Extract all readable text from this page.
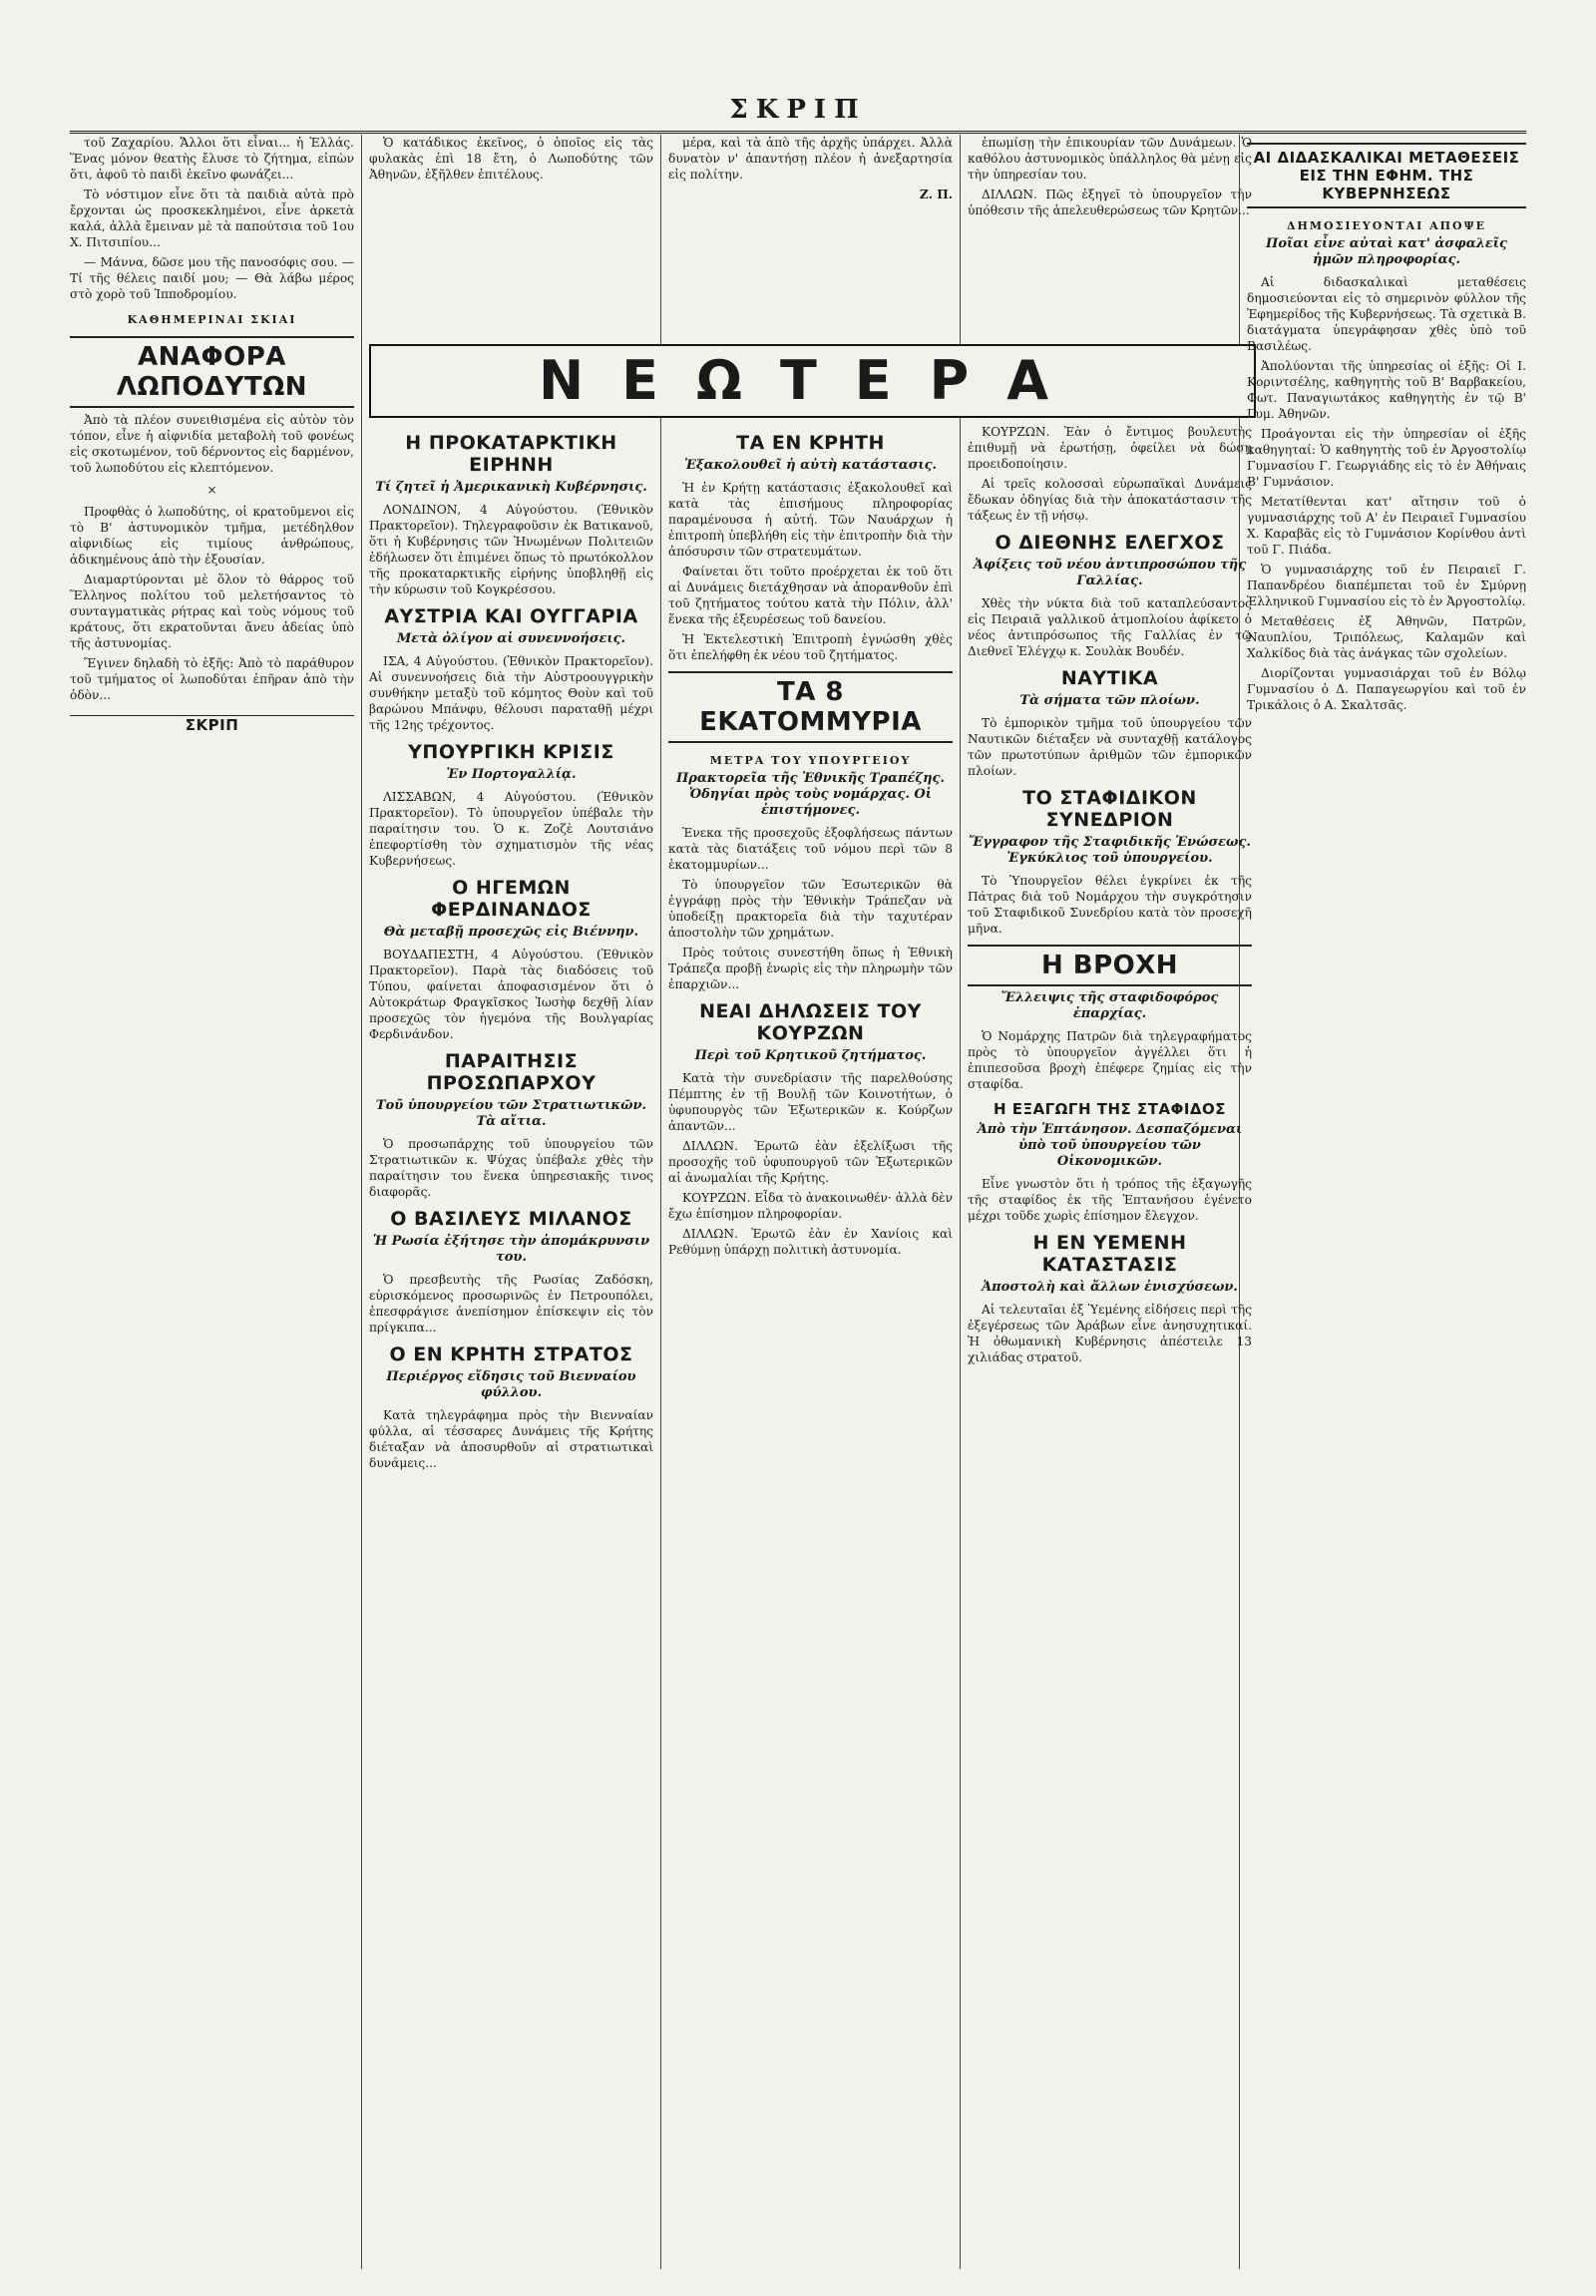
ΣΚΡΙΠ

τοῦ Ζαχαρίου. Ἄλλοι ὅτι εἶναι... ἡ Ἑλλάς. Ἕνας μόνον θεατὴς ἔλυσε τὸ ζήτημα, εἰπὼν ὅτι, ἀφοῦ τὸ παιδὶ ἐκεῖνο φωνάζει...

Τὸ νόστιμον εἶνε ὅτι τὰ παιδιὰ αὐτὰ πρὸ ἔρχονται ὡς προσκεκλημένοι, εἶνε ἀρκετὰ καλά, ἀλλὰ ἔμειναν μὲ τὰ παπούτσια τοῦ 1ου Χ. Πιτσιπίου...

— Μάννα, δῶσε μου τῆς πανοσόφις σου. — Τί τῆς θέλεις παιδί μου; — Θὰ λάβω μέρος στὸ χορὸ τοῦ Ἱπποδρομίου.

ΚΑΘΗΜΕΡΙΝΑΙ ΣΚΙΑΙ
ΑΝΑΦΟΡΑ ΛΩΠΟΔΥΤΩΝ

Ἀπὸ τὰ πλέον συνειθισμένα εἰς αὐτὸν τὸν τόπον, εἶνε ἡ αἰφνιδία μεταβολὴ τοῦ φονέως εἰς σκοτωμένον, τοῦ δέρνοντος εἰς δαρμένον, τοῦ λωποδύτου εἰς κλεπτόμενον.

×

Προφθὰς ὁ λωποδύτης, οἱ κρατοῦμενοι εἰς τὸ Β' ἀστυνομικὸν τμῆμα, μετέδηλθον αἰφνιδίως εἰς τιμίους ἀνθρώπους, ἀδικημένους ἀπὸ τὴν ἐξουσίαν.

Διαμαρτύρονται μὲ ὅλον τὸ θάρρος τοῦ Ἕλληνος πολίτου τοῦ μελετήσαντος τὸ συνταγματικὰς ρήτρας καὶ τοὺς νόμους τοῦ κράτους, ὅτι εκρατοῦνται ἄνευ ἀδείας ὑπὸ τῆς ἀστυνομίας.

Ἔγινεν δηλαδὴ τὸ ἑξῆς: Ἀπὸ τὸ παράθυρον τοῦ τμήματος οἱ λωποδύται ἐπῆραν ἀπὸ τὴν ὁδὸν...

ΣΚΡΙΠ

Ὁ κατάδικος ἐκεῖνος, ὁ ὁποῖος εἰς τὰς φυλακὰς ἐπὶ 18 ἔτη, ὁ Λωποδύτης τῶν Ἀθηνῶν, ἐξῆλθεν ἐπιτέλους.

μέρα, καὶ τὰ ἀπὸ τῆς ἀρχῆς ὑπάρχει. Ἀλλὰ δυνατὸν ν' ἀπαντήσῃ πλέον ἡ ἀνεξαρτησία εἰς πολίτην.

Ζ. Π.

ἐπωμίσῃ τὴν ἐπικουρίαν τῶν Δυνάμεων. Ὁ καθόλου ἀστυνομικὸς ὑπάλληλος θὰ μένῃ εἰς τὴν ὑπηρεσίαν του.

ΔΙΛΛΩΝ. Πῶς ἐξηγεῖ τὸ ὑπουργεῖον τὴν ὑπόθεσιν τῆς ἀπελευθερώσεως τῶν Κρητῶν...

ΝΕΩΤΕΡΑ
Η ΠΡΟΚΑΤΑΡΚΤΙΚΗ ΕΙΡΗΝΗ
Τί ζητεῖ ἡ Ἀμερικανικὴ Κυβέρνησις.

ΛΟΝΔΙΝΟΝ, 4 Αὐγούστου. (Ἐθνικὸν Πρακτορεῖον). Τηλεγραφοῦσιν ἐκ Βατικανοῦ, ὅτι ἡ Κυβέρνησις τῶν Ἡνωμένων Πολιτειῶν ἐδήλωσεν ὅτι ἐπιμένει ὅπως τὸ πρωτόκολλον τῆς προκαταρκτικῆς εἰρήνης ὑποβληθῇ εἰς τὴν κύρωσιν τοῦ Κογκρέσσου.

ΑΥΣΤΡΙΑ ΚΑΙ ΟΥΓΓΑΡΙΑ
Μετὰ ὀλίγον αἱ συνεννοήσεις.

ΙΣΑ, 4 Αὐγούστου. (Ἐθνικὸν Πρακτορεῖον). Αἱ συνεννοήσεις διὰ τὴν Αὐστροουγγρικὴν συνθήκην μεταξὺ τοῦ κόμητος Θοὺν καὶ τοῦ βαρώνου Μπάνφυ, θέλουσι παραταθῇ μέχρι τῆς 12ης τρέχοντος.

ΥΠΟΥΡΓΙΚΗ ΚΡΙΣΙΣ
Ἐν Πορτογαλλίᾳ.

ΛΙΣΣΑΒΩΝ, 4 Αὐγούστου. (Ἐθνικὸν Πρακτορεῖον). Τὸ ὑπουργεῖον ὑπέβαλε τὴν παραίτησιν του. Ὁ κ. Ζοζὲ Λουτσιάνο ἐπεφορτίσθη τὸν σχηματισμὸν τῆς νέας Κυβερνήσεως.

Ο ΗΓΕΜΩΝ ΦΕΡΔΙΝΑΝΔΟΣ
Θὰ μεταβῇ προσεχῶς εἰς Βιέννην.

ΒΟΥΔΑΠΕΣΤΗ, 4 Αὐγούστου. (Ἐθνικὸν Πρακτορεῖον). Παρὰ τὰς διαδόσεις τοῦ Τύπου, φαίνεται ἀποφασισμένον ὅτι ὁ Αὐτοκράτωρ Φραγκῖσκος Ἰωσὴφ δεχθῇ λίαν προσεχῶς τὸν ἡγεμόνα τῆς Βουλγαρίας Φερδινάνδον.

ΠΑΡΑΙΤΗΣΙΣ ΠΡΟΣΩΠΑΡΧΟΥ
Τοῦ ὑπουργείου τῶν Στρατιωτικῶν. Τὰ αἴτια.

Ὁ προσωπάρχης τοῦ ὑπουργείου τῶν Στρατιωτικῶν κ. Ψύχας ὑπέβαλε χθὲς τὴν παραίτησιν του ἕνεκα ὑπηρεσιακῆς τινος διαφορᾶς.

Ο ΒΑΣΙΛΕΥΣ ΜΙΛΑΝΟΣ
Ἡ Ρωσία ἐξήτησε τὴν ἀπομάκρυνσιν του.

Ὁ πρεσβευτὴς τῆς Ρωσίας Ζαδόσκη, εὑρισκόμενος προσωρινῶς ἐν Πετρουπόλει, ἐπεσφράγισε ἀνεπίσημον ἐπίσκεψιν εἰς τὸν πρίγκιπα...

Ο ΕΝ ΚΡΗΤΗ ΣΤΡΑΤΟΣ
Περιέργος εἴδησις τοῦ Βιενναίου φύλλου.

Κατὰ τηλεγράφημα πρὸς τὴν Βιενναίαν φύλλα, αἱ τέσσαρες Δυνάμεις τῆς Κρήτης διέταξαν νὰ ἀποσυρθοῦν αἱ στρατιωτικαὶ δυνάμεις...

ΤΑ ΕΝ ΚΡΗΤΗ
Ἐξακολουθεῖ ἡ αὐτὴ κατάστασις.

Ἡ ἐν Κρήτῃ κατάστασις ἐξακολουθεῖ καὶ κατὰ τὰς ἐπισήμους πληροφορίας παραμένουσα ἡ αὐτή. Τῶν Ναυάρχων ἡ ἐπιτροπὴ ὑπεβλήθη εἰς τὴν ἐπιτροπὴν διὰ τὴν ἀπόσυρσιν τῶν στρατευμάτων.

Φαίνεται ὅτι τοῦτο προέρχεται ἐκ τοῦ ὅτι αἱ Δυνάμεις διετάχθησαν νὰ ἀπορανθοῦν ἐπὶ τοῦ ζητήματος τούτου κατὰ τὴν Πόλιν, ἀλλ' ἕνεκα τῆς ἐξευρέσεως τοῦ δανείου.

Ἡ Ἐκτελεστικὴ Ἐπιτροπὴ ἐγνώσθη χθὲς ὅτι ἐπελήφθη ἐκ νέου τοῦ ζητήματος.

ΤΑ 8 ΕΚΑΤΟΜΜΥΡΙΑ
ΜΕΤΡΑ ΤΟΥ ΥΠΟΥΡΓΕΙΟΥ
Πρακτορεῖα τῆς Ἐθνικῆς Τραπέζης. Ὁδηγίαι πρὸς τοὺς νομάρχας. Οἱ ἐπιστήμονες.

Ἐνεκα τῆς προσεχοῦς ἐξοφλήσεως πάντων κατὰ τὰς διατάξεις τοῦ νόμου περὶ τῶν 8 ἑκατομμυρίων...

Τὸ ὑπουργεῖον τῶν Ἐσωτερικῶν θὰ ἐγγράφῃ πρὸς τὴν Ἐθνικὴν Τράπεζαν νὰ ὑποδείξῃ πρακτορεῖα διὰ τὴν ταχυτέραν ἀποστολὴν τῶν χρημάτων.

Πρὸς τούτοις συνεστήθη ὅπως ἡ Ἐθνικὴ Τράπεζα προβῇ ἐνωρὶς εἰς τὴν πληρωμὴν τῶν ἐπαρχιῶν...

ΝΕΑΙ ΔΗΛΩΣΕΙΣ ΤΟΥ ΚΟΥΡΖΩΝ
Περὶ τοῦ Κρητικοῦ ζητήματος.

Κατὰ τὴν συνεδρίασιν τῆς παρελθούσης Πέμπτης ἐν τῇ Βουλῇ τῶν Κοινοτήτων, ὁ ὑφυπουργὸς τῶν Ἐξωτερικῶν κ. Κούρζων ἀπαντῶν...

ΔΙΛΛΩΝ. Ἐρωτῶ ἐὰν ἐξελίξωσι τῆς προσοχῆς τοῦ ὑφυπουργοῦ τῶν Ἐξωτερικῶν αἱ ἀνωμαλίαι τῆς Κρήτης.

ΚΟΥΡΖΩΝ. Εἶδα τὸ ἀνακοινωθέν· ἀλλὰ δὲν ἔχω ἐπίσημον πληροφορίαν.

ΔΙΛΛΩΝ. Ἐρωτῶ ἐὰν ἐν Χανίοις καὶ Ρεθύμνῃ ὑπάρχῃ πολιτικὴ ἀστυνομία.

ΚΟΥΡΖΩΝ. Ἐὰν ὁ ἔντιμος βουλευτὴς ἐπιθυμῇ νὰ ἐρωτήσῃ, ὀφείλει νὰ δώσῃ προειδοποίησιν.

Αἱ τρεῖς κολοσσαὶ εὐρωπαϊκαὶ Δυνάμεις ἔδωκαν ὁδηγίας διὰ τὴν ἀποκατάστασιν τῆς τάξεως ἐν τῇ νήσῳ.

Ο ΔΙΕΘΝΗΣ ΕΛΕΓΧΟΣ
Ἀφίξεις τοῦ νέου ἀντιπροσώπου τῆς Γαλλίας.

Χθὲς τὴν νύκτα διὰ τοῦ καταπλεύσαντος εἰς Πειραιᾶ γαλλικοῦ ἀτμοπλοίου ἀφίκετο ὁ νέος ἀντιπρόσωπος τῆς Γαλλίας ἐν τῷ Διεθνεῖ Ἐλέγχῳ κ. Σουλὰκ Βουδέν.

ΝΑΥΤΙΚΑ
Τὰ σήματα τῶν πλοίων.

Τὸ ἐμπορικὸν τμῆμα τοῦ ὑπουργείου τῶν Ναυτικῶν διέταξεν νὰ συνταχθῇ κατάλογος τῶν πρωτοτύπων ἀριθμῶν τῶν ἐμπορικῶν πλοίων.

ΤΟ ΣΤΑΦΙΔΙΚΟΝ ΣΥΝΕΔΡΙΟΝ
Ἔγγραφον τῆς Σταφιδικῆς Ἑνώσεως. Ἐγκύκλιος τοῦ ὑπουργείου.

Τὸ Ὑπουργεῖον θέλει ἐγκρίνει ἐκ τῆς Πάτρας διὰ τοῦ Νομάρχου τὴν συγκρότησιν τοῦ Σταφιδικοῦ Συνεδρίου κατὰ τὸν προσεχῆ μῆνα.

Η ΒΡΟΧΗ
Ἔλλειψις τῆς σταφιδοφόρος ἐπαρχίας.

Ὁ Νομάρχης Πατρῶν διὰ τηλεγραφήματος πρὸς τὸ ὑπουργεῖον ἀγγέλλει ὅτι ἡ ἐπιπεσοῦσα βροχὴ ἐπέφερε ζημίας εἰς τὴν σταφίδα.

Η ΕΞΑΓΩΓΗ ΤΗΣ ΣΤΑΦΙΔΟΣ
Ἀπὸ τὴν Ἑπτάνησον. Δεσπαζόμεναι ὑπὸ τοῦ ὑπουργείου τῶν Οἰκονομικῶν.

Εἶνε γνωστὸν ὅτι ἡ τρόπος τῆς ἐξαγωγῆς τῆς σταφίδος ἐκ τῆς Ἑπτανήσου ἐγένετο μέχρι τοῦδε χωρὶς ἐπίσημον ἔλεγχον.

Η ΕΝ ΥΕΜΕΝΗ ΚΑΤΑΣΤΑΣΙΣ
Ἀποστολὴ καὶ ἄλλων ἐνισχύσεων.

Αἱ τελευταῖαι ἐξ Ὑεμένης εἰδήσεις περὶ τῆς ἐξεγέρσεως τῶν Ἀράβων εἶνε ἀνησυχητικαί. Ἡ ὀθωμανικὴ Κυβέρνησις ἀπέστειλε 13 χιλιάδας στρατοῦ.

ΑΙ ΔΙΔΑΣΚΑΛΙΚΑΙ ΜΕΤΑΘΕΣΕΙΣ ΕΙΣ ΤΗΝ ΕΦΗΜ. ΤΗΣ ΚΥΒΕΡΝΗΣΕΩΣ
ΔΗΜΟΣΙΕΥΟΝΤΑΙ ΑΠΟΨΕ
Ποῖαι εἶνε αὐταὶ κατ' ἀσφαλεῖς ἡμῶν πληροφορίας.

Αἱ διδασκαλικαὶ μεταθέσεις δημοσιεύονται εἰς τὸ σημερινὸν φύλλον τῆς Ἐφημερίδος τῆς Κυβερνήσεως. Τὰ σχετικὰ Β. διατάγματα ὑπεγράφησαν χθὲς ὑπὸ τοῦ Βασιλέως.

Ἀπολύονται τῆς ὑπηρεσίας οἱ ἑξῆς: Οἱ Ι. Κοριντσέλης, καθηγητὴς τοῦ Β' Βαρβακείου, Φωτ. Παναγιωτάκος καθηγητὴς ἐν τῷ Β' Γυμ. Ἀθηνῶν.

Προάγονται εἰς τὴν ὑπηρεσίαν οἱ ἑξῆς καθηγηταί: Ὁ καθηγητὴς τοῦ ἐν Ἀργοστολίῳ Γυμνασίου Γ. Γεωργιάδης εἰς τὸ ἐν Ἀθήναις Β' Γυμνάσιον.

Μετατίθενται κατ' αἴτησιν τοῦ ὁ γυμνασιάρχης τοῦ Α' ἐν Πειραιεῖ Γυμνασίου Χ. Καραβᾶς εἰς τὸ Γυμνάσιον Κορίνθου ἀντὶ τοῦ Γ. Πιάδα.

Ὁ γυμνασιάρχης τοῦ ἐν Πειραιεῖ Γ. Παπανδρέου διαπέμπεται τοῦ ἐν Σμύρνῃ Ἑλληνικοῦ Γυμνασίου εἰς τὸ ἐν Ἀργοστολίῳ.

Μεταθέσεις ἐξ Ἀθηνῶν, Πατρῶν, Ναυπλίου, Τριπόλεως, Καλαμῶν καὶ Χαλκίδος διὰ τὰς ἀνάγκας τῶν σχολείων.

Διορίζονται γυμνασιάρχαι τοῦ ἐν Βόλῳ Γυμνασίου ὁ Δ. Παπαγεωργίου καὶ τοῦ ἐν Τρικάλοις ὁ Α. Σκαλτσᾶς.
